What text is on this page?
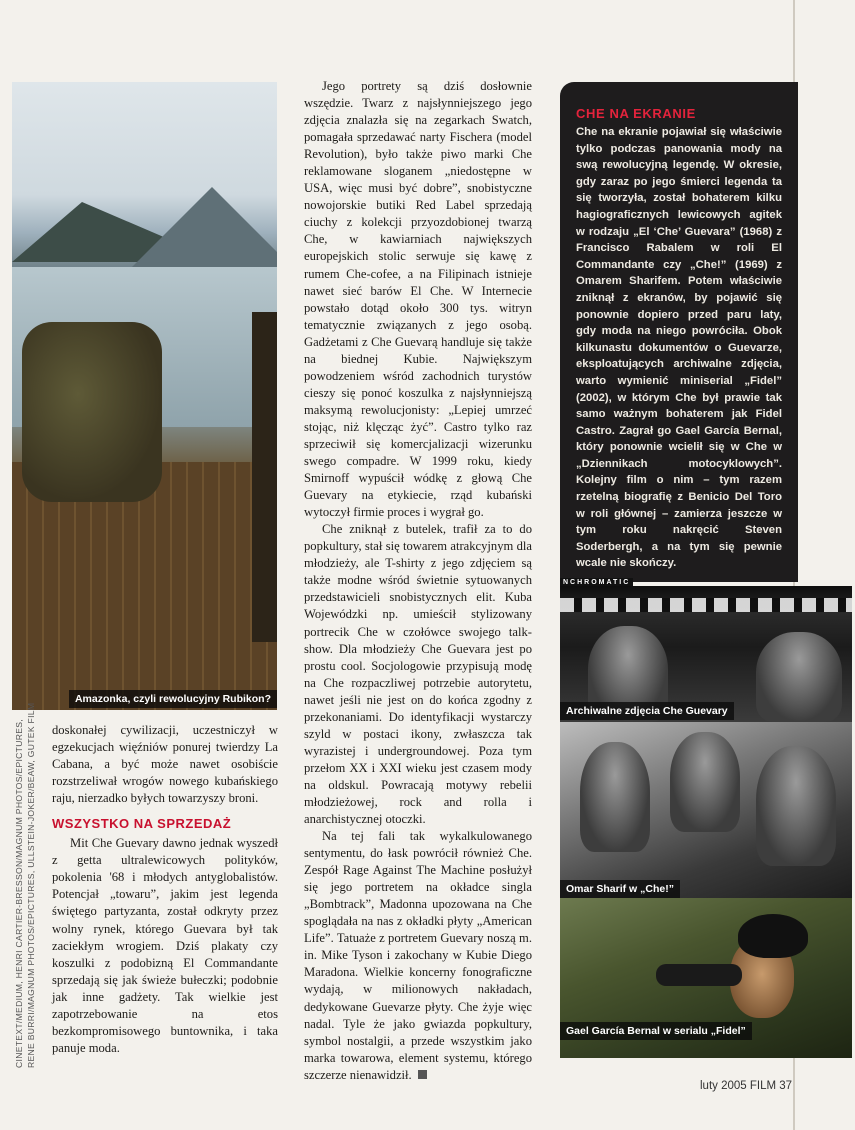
Amazonka, czyli rewolucyjny Rubikon?
CINETEXT/MEDIUM, HENRI CARTIER-BRESSON/MAGNUM PHOTOS/EPICTURES, RENE BURRI/MAGNUM PHOTOS/EPICTURES, ULLSTEIN-JOKER/BEAW, GUTEK FILM doskonałej cywilizacji, uczestniczył w egzekucjach więźniów ponurej twierdzy La Cabana, a być może nawet osobiście rozstrzeliwał wrogów nowego kubańskiego raju, nierzadko byłych towarzyszy broni.

WSZYSTKO NA SPRZEDAŻ

Mit Che Guevary dawno jednak wyszedł z getta ultralewicowych polityków, pokolenia '68 i młodych antyglobalistów. Potencjał „towaru”, jakim jest legenda świętego partyzanta, został odkryty przez wolny rynek, którego Guevara był tak zaciekłym wrogiem. Dziś plakaty czy koszulki z podobizną El Commandante sprzedają się jak świeże bułeczki; podobnie jak inne gadżety. Tak wielkie jest zapotrzebowanie na etos bezkompromisowego buntownika, i taka panuje moda.

Jego portrety są dziś dosłownie wszędzie. Twarz z najsłynniejszego jego zdjęcia znalazła się na zegarkach Swatch, pomagała sprzedawać narty Fischera (model Revolution), było także piwo marki Che reklamowane sloganem „niedostępne w USA, więc musi być dobre”, snobistyczne nowojorskie butiki Red Label sprzedają ciuchy z kolekcji przyozdobionej twarzą Che, w kawiarniach największych europejskich stolic serwuje się kawę z rumem Che-cofee, a na Filipinach istnieje nawet sieć barów El Che. W Internecie powstało dotąd około 300 tys. witryn tematycznie związanych z jego osobą. Gadżetami z Che Guevarą handluje się także na biednej Kubie. Największym powodzeniem wśród zachodnich turystów cieszy się ponoć koszulka z najsłynniejszą maksymą rewolucjonisty: „Lepiej umrzeć stojąc, niż klęcząc żyć”. Castro tylko raz sprzeciwił się komercjalizacji wizerunku swego compadre. W 1999 roku, kiedy Smirnoff wypuścił wódkę z głową Che Guevary na etykiecie, rząd kubański wytoczył firmie proces i wygrał go.

Che zniknął z butelek, trafił za to do popkultury, stał się towarem atrakcyjnym dla młodzieży, ale T-shirty z jego zdjęciem są także modne wśród świetnie sytuowanych przedstawicieli snobistycznych elit. Kuba Wojewódzki np. umieścił stylizowany portrecik Che w czołówce swojego talk-show. Dla młodzieży Che Guevara jest po prostu cool. Socjologowie przypisują modę na Che rozpaczliwej potrzebie autorytetu, nawet jeśli nie jest on do końca zgodny z przekonaniami. Do identyfikacji wystarczy szyld w postaci ikony, zwłaszcza tak wyrazistej i undergroundowej. Poza tym przełom XX i XXI wieku jest czasem mody na oldskul. Powracają motywy rebelii młodzieżowej, rock and rolla i anarchistycznej otoczki.

Na tej fali tak wykalkulowanego sentymentu, do łask powrócił również Che. Zespół Rage Against The Machine posłużył się jego portretem na okładce singla „Bombtrack”, Madonna upozowana na Che spoglądała na nas z okładki płyty „American Life”. Tatuaże z portretem Guevary noszą m. in. Mike Tyson i zakochany w Kubie Diego Maradona. Wielkie koncerny fonograficzne wydają, w milionowych nakładach, dedykowane Guevarze płyty. Che żyje więc nadal. Tyle że jako gwiazda popkultury, symbol nostalgii, a przede wszystkim jako marka towarowa, element systemu, którego szczerze nienawidził.

CHE NA EKRANIE
Che na ekranie pojawiał się właściwie tylko podczas panowania mody na swą rewolucyjną legendę. W okresie, gdy zaraz po jego śmierci legenda ta się tworzyła, został bohaterem kilku hagiograficznych lewicowych agitek w rodzaju „El ‘Che’ Guevara” (1968) z Francisco Rabalem w roli El Commandante czy „Che!” (1969) z Omarem Sharifem. Potem właściwie zniknął z ekranów, by pojawić się ponownie dopiero przed paru laty, gdy moda na niego powróciła. Obok kilkunastu dokumentów o Guevarze, eksploatujących archiwalne zdjęcia, warto wymienić miniserial „Fidel” (2002), w którym Che był prawie tak samo ważnym bohaterem jak Fidel Castro. Zagrał go Gael García Bernal, który ponownie wcielił się w Che w „Dziennikach motocyklowych”. Kolejny film o nim – tym razem rzetelną biografię z Benicio Del Toro w roli głównej – zamierza jeszcze w tym roku nakręcić Steven Soderbergh, a na tym się pewnie wcale nie skończy.
NCHROMATIC
Archiwalne zdjęcia Che Guevary
Omar Sharif w „Che!”
Gael García Bernal w serialu „Fidel”
luty 2005 FILM 37
